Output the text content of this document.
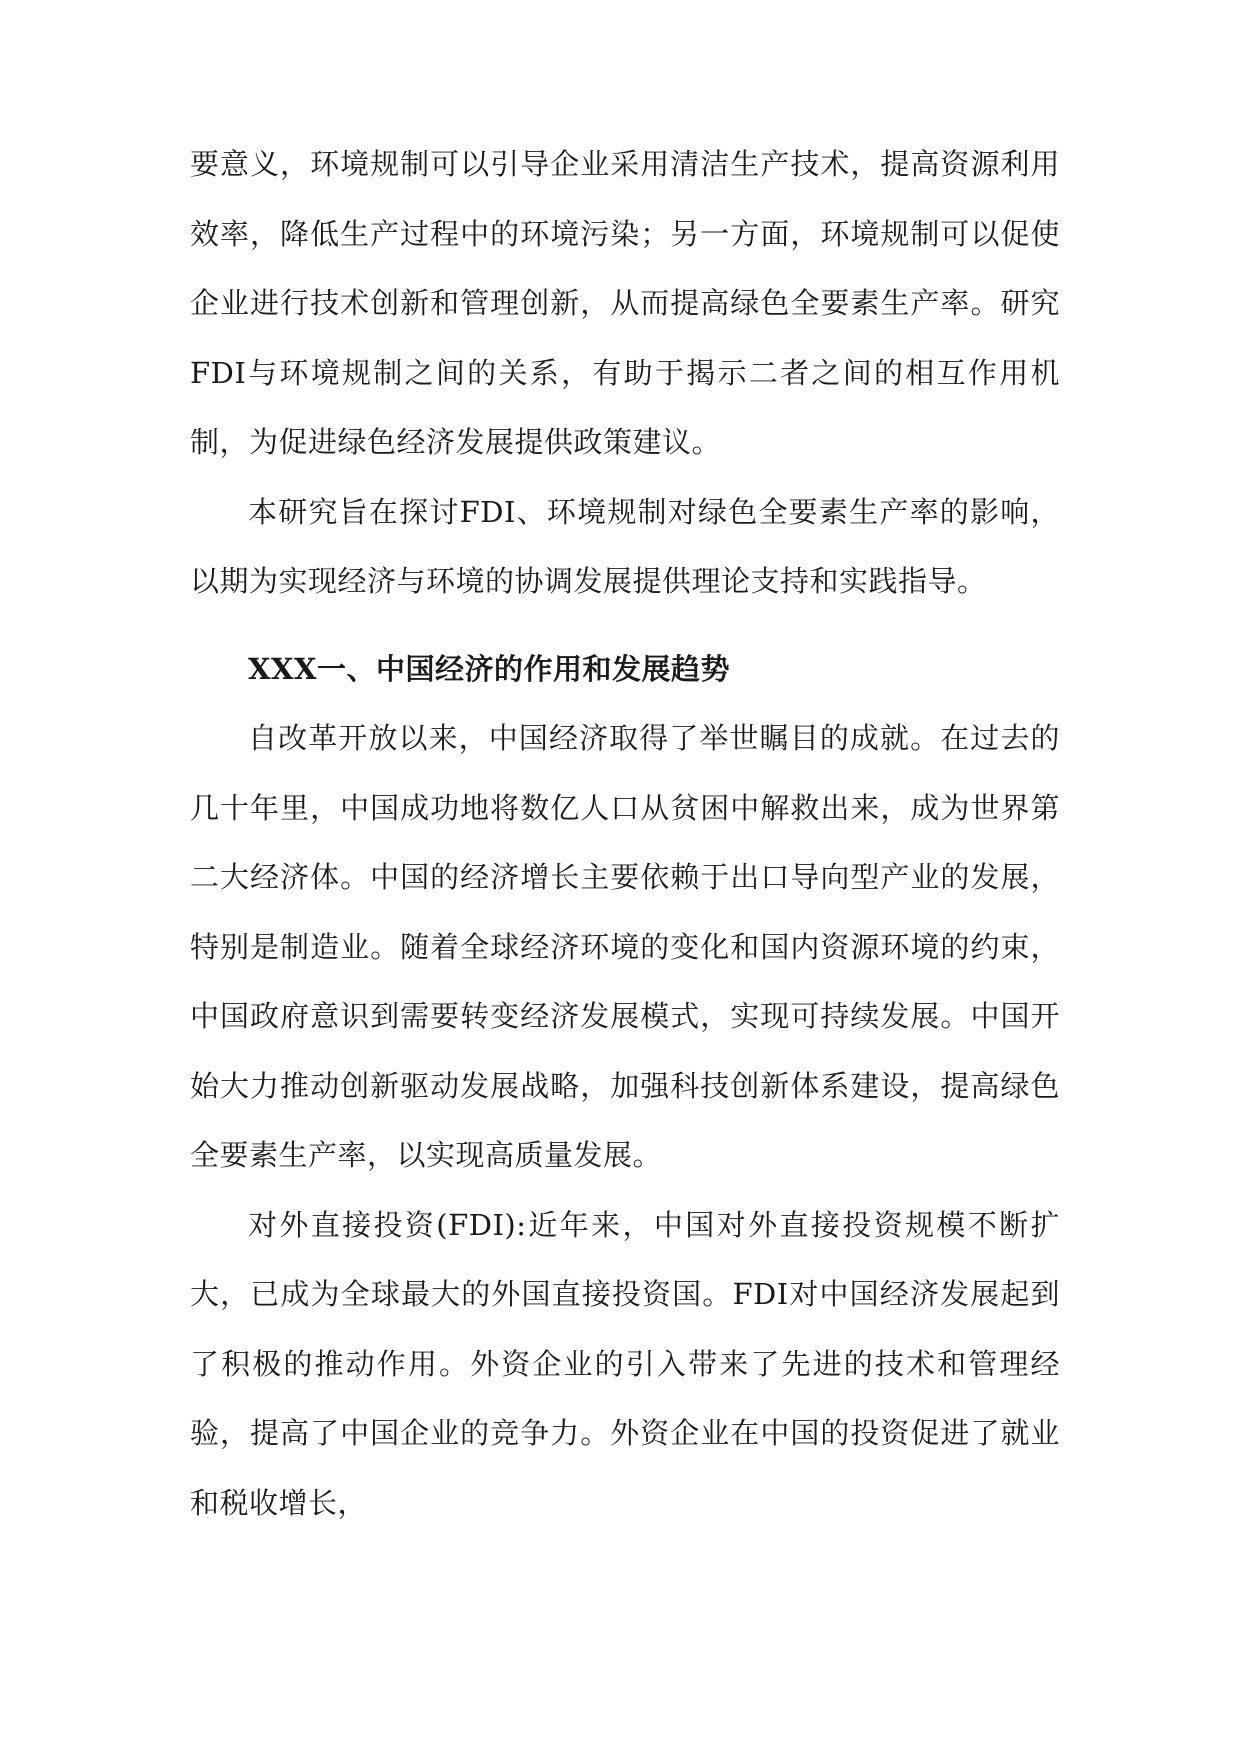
要意义，环境规制可以引导企业采用清洁生产技术，提高资源利用效率，降低生产过程中的环境污染；另一方面，环境规制可以促使企业进行技术创新和管理创新，从而提高绿色全要素生产率。研究FDI与环境规制之间的关系，有助于揭示二者之间的相互作用机制，为促进绿色经济发展提供政策建议。

本研究旨在探讨FDI、环境规制对绿色全要素生产率的影响，以期为实现经济与环境的协调发展提供理论支持和实践指导。

XXX一、中国经济的作用和发展趋势

自改革开放以来，中国经济取得了举世瞩目的成就。在过去的几十年里，中国成功地将数亿人口从贫困中解救出来，成为世界第二大经济体。中国的经济增长主要依赖于出口导向型产业的发展，特别是制造业。随着全球经济环境的变化和国内资源环境的约束，中国政府意识到需要转变经济发展模式，实现可持续发展。中国开始大力推动创新驱动发展战略，加强科技创新体系建设，提高绿色全要素生产率，以实现高质量发展。

对外直接投资(FDI):近年来，中国对外直接投资规模不断扩大，已成为全球最大的外国直接投资国。FDI对中国经济发展起到了积极的推动作用。外资企业的引入带来了先进的技术和管理经验，提高了中国企业的竞争力。外资企业在中国的投资促进了就业和税收增长，
